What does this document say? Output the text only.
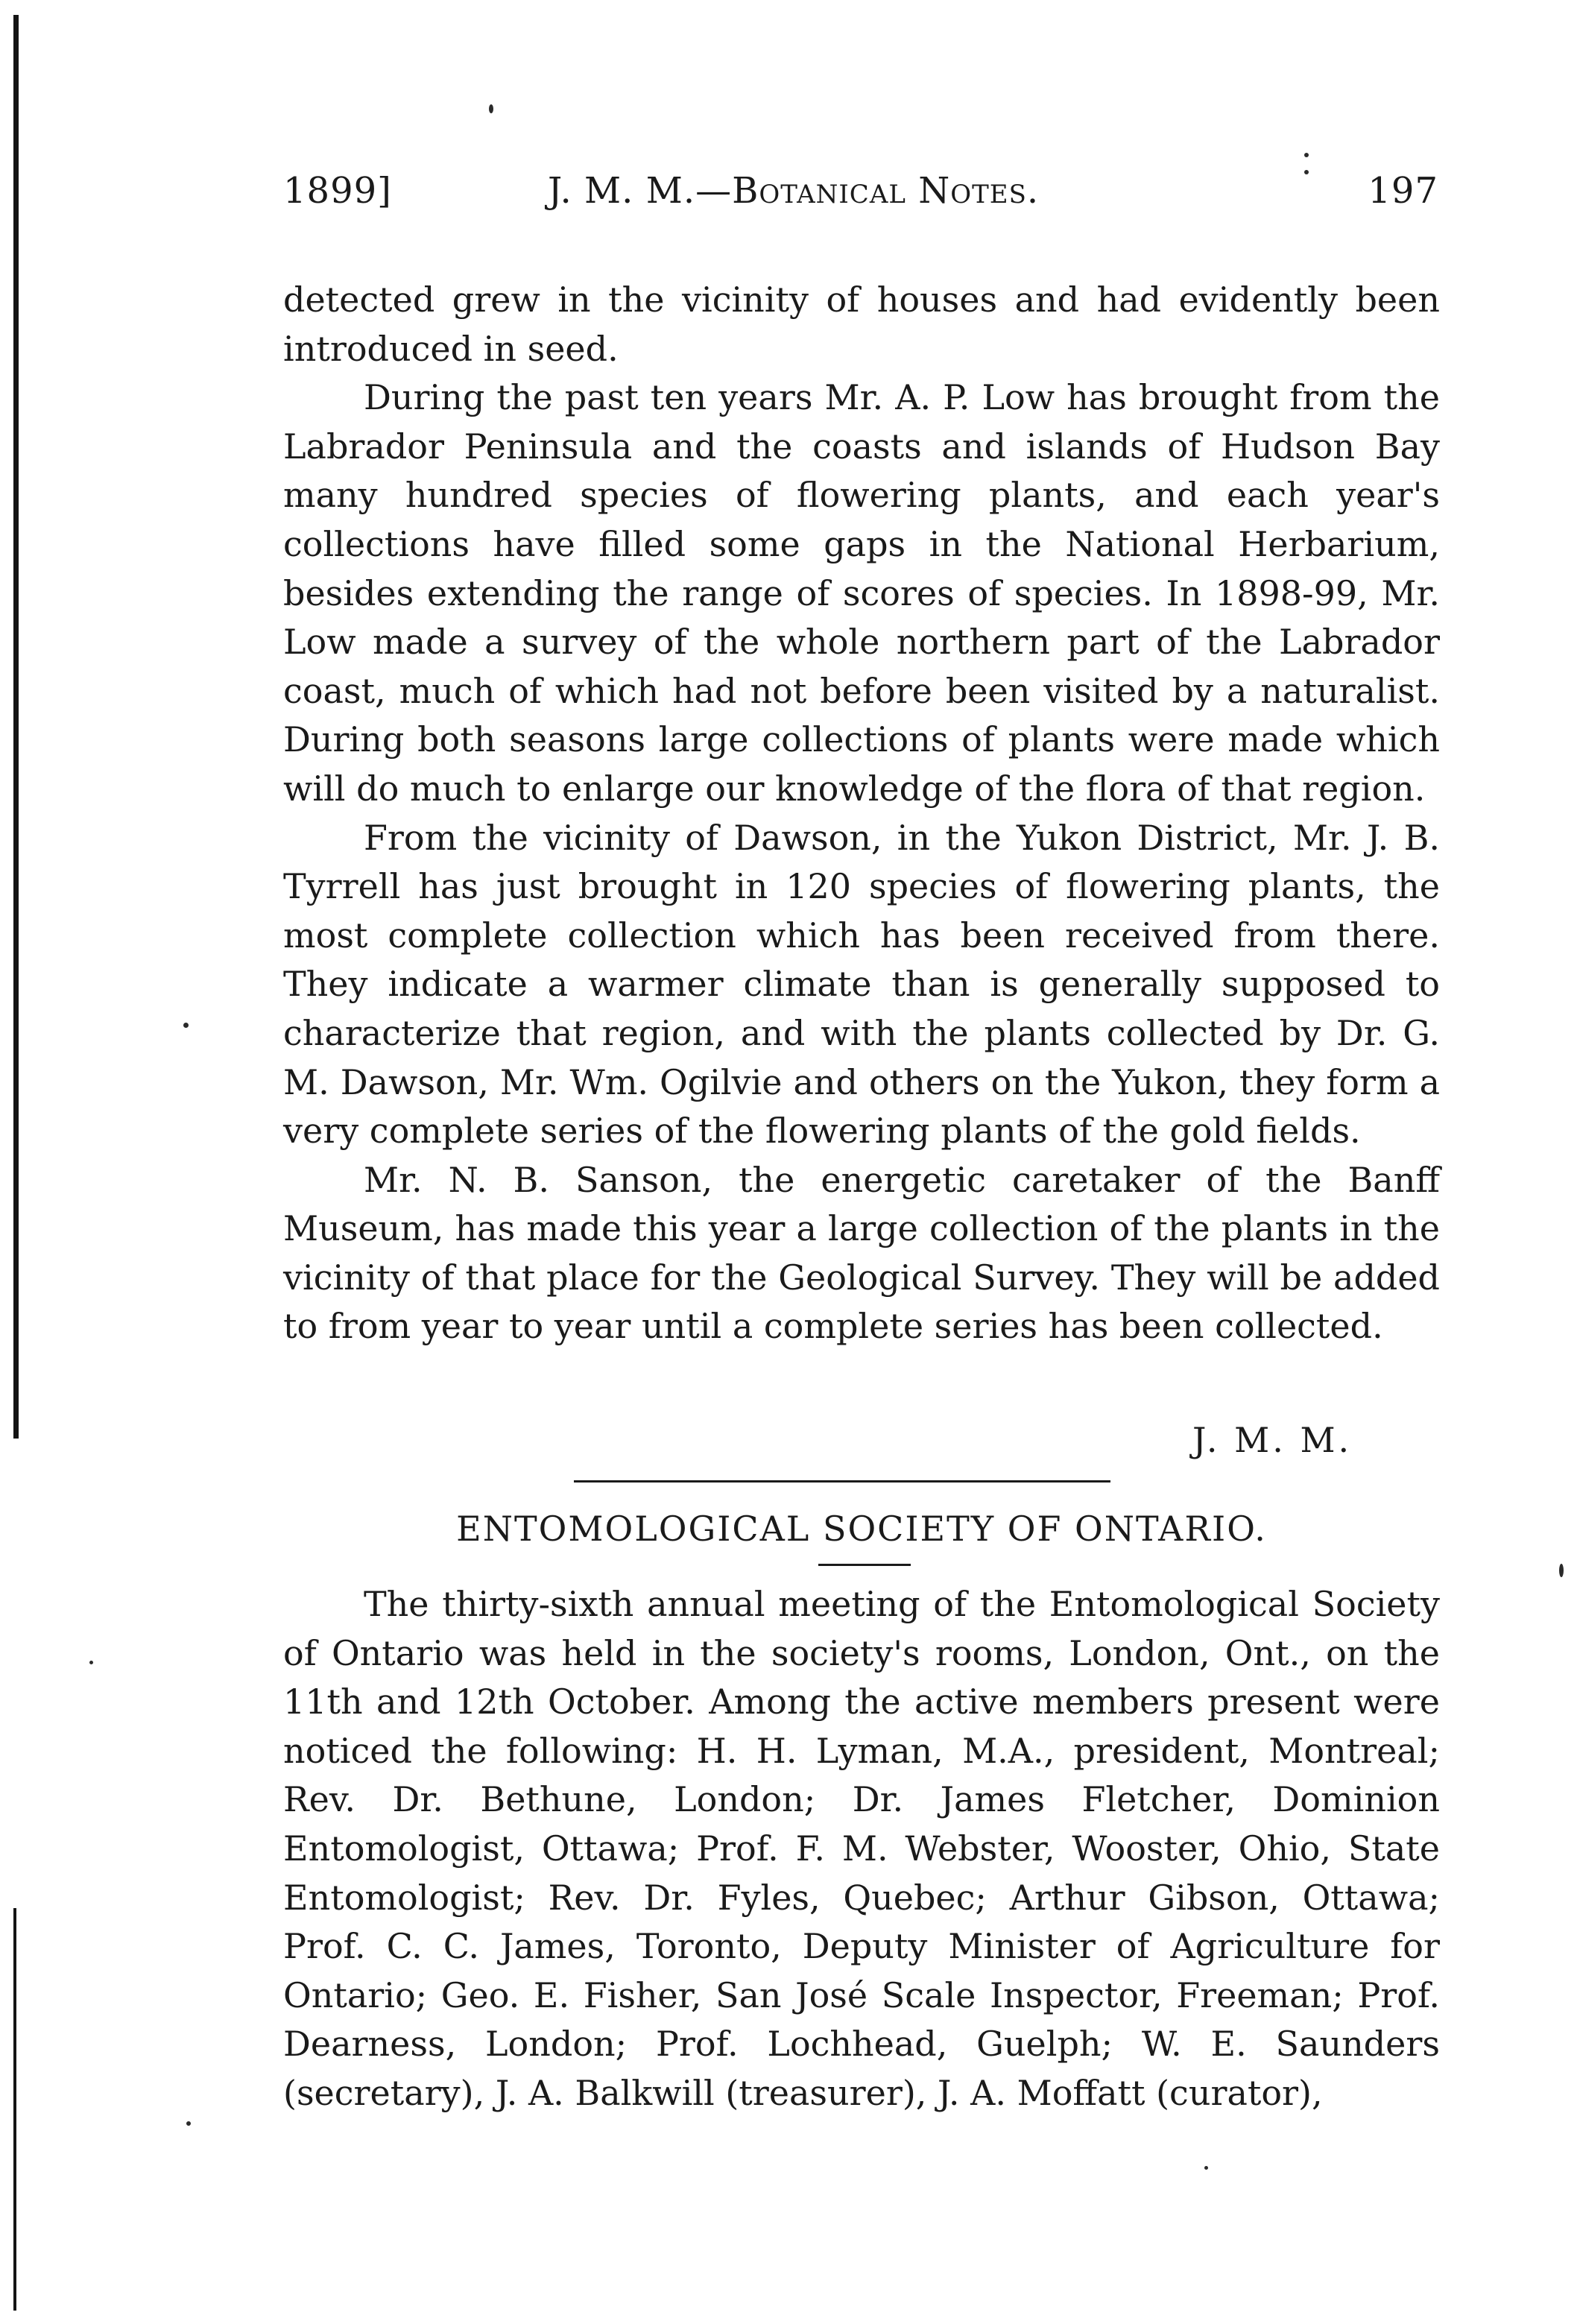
1899]	J. M. M.—Botanical Notes.	197

detected grew in the vicinity of houses and had evidently been introduced in seed.

During the past ten years Mr. A. P. Low has brought from the Labrador Peninsula and the coasts and islands of Hudson Bay many hundred species of flowering plants, and each year's collections have filled some gaps in the National Herbarium, besides extending the range of scores of species. In 1898-99, Mr. Low made a survey of the whole northern part of the Labrador coast, much of which had not before been visited by a naturalist. During both seasons large collections of plants were made which will do much to enlarge our knowledge of the flora of that region.

From the vicinity of Dawson, in the Yukon District, Mr. J. B. Tyrrell has just brought in 120 species of flowering plants, the most complete collection which has been received from there. They indicate a warmer climate than is generally supposed to characterize that region, and with the plants collected by Dr. G. M. Dawson, Mr. Wm. Ogilvie and others on the Yukon, they form a very complete series of the flowering plants of the gold fields.

Mr. N. B. Sanson, the energetic caretaker of the Banff Museum, has made this year a large collection of the plants in the vicinity of that place for the Geological Survey. They will be added to from year to year until a complete series has been collected.

J. M. M.
ENTOMOLOGICAL SOCIETY OF ONTARIO.

The thirty-sixth annual meeting of the Entomological Society of Ontario was held in the society's rooms, London, Ont., on the 11th and 12th October. Among the active members present were noticed the following: H. H. Lyman, M.A., president, Montreal; Rev. Dr. Bethune, London; Dr. James Fletcher, Dominion Entomologist, Ottawa; Prof. F. M. Webster, Wooster, Ohio, State Entomologist; Rev. Dr. Fyles, Quebec; Arthur Gibson, Ottawa; Prof. C. C. James, Toronto, Deputy Minister of Agriculture for Ontario; Geo. E. Fisher, San José Scale Inspector, Freeman; Prof. Dearness, London; Prof. Lochhead, Guelph; W. E. Saunders (secretary), J. A. Balkwill (treasurer), J. A. Moffatt (curator),
